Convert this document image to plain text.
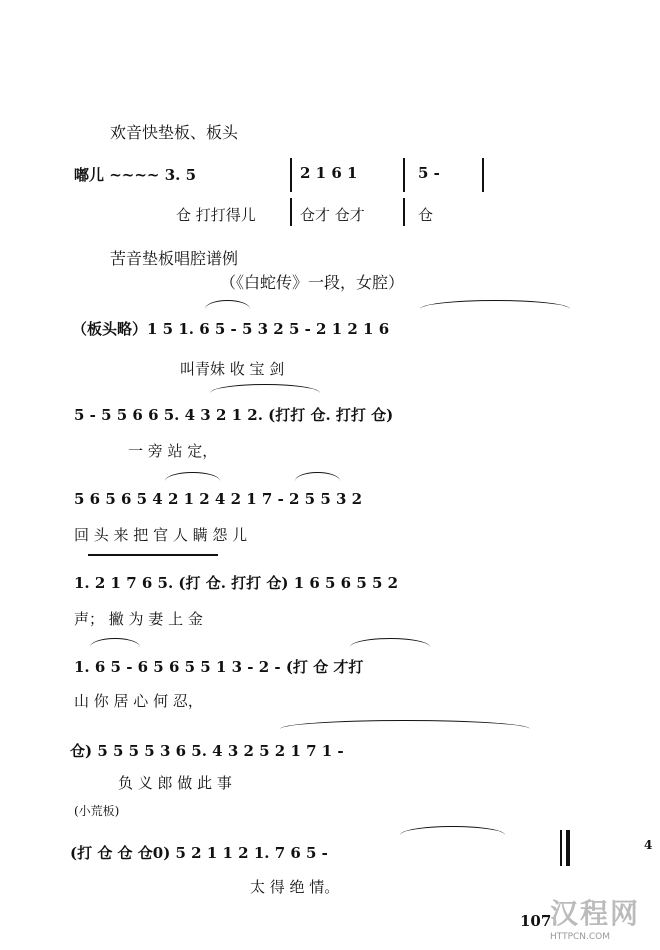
欢音快垫板、板头
嘟儿 ~~~~ 3. 5	2 1 6 1	5 -
仓 打打得儿	仓才 仓才	仓
苦音垫板唱腔谱例
（《白蛇传》一段，女腔）
（板头略）1 5 1. 6 5 - 5 3 2 5 - 2 1 2 1 6
叫青妹 收 宝 剑
5 - 5 5 6 6 5. 4 3 2 1 2. (打打 仓. 打打 仓)
一 旁 站 定，
5 6 5 6 5 4 2 1 2 4 2 1 7 - 2 5 5 3 2
回 头 来 把 官 人 瞒 怨 儿
1. 2 1 7 6 5. (打 仓. 打打 仓) 1 6 5 6 5 5 2
声； 撇 为 妻 上 金
1. 6 5 - 6 5 6 5 5 1 3 - 2 - (打 仓 才打
山 你 居 心 何 忍，
仓) 5 5 5 5 3 6 5. 4 3 2 5 2 1 7 1 -
负 义 郎 做 此 事
(小荒板)
(打 仓 仓 仓0) 5 2 1 1 2 1. 7 6 5 -
太 得 绝 情。
107
4
汉程网
HTTPCN.COM
